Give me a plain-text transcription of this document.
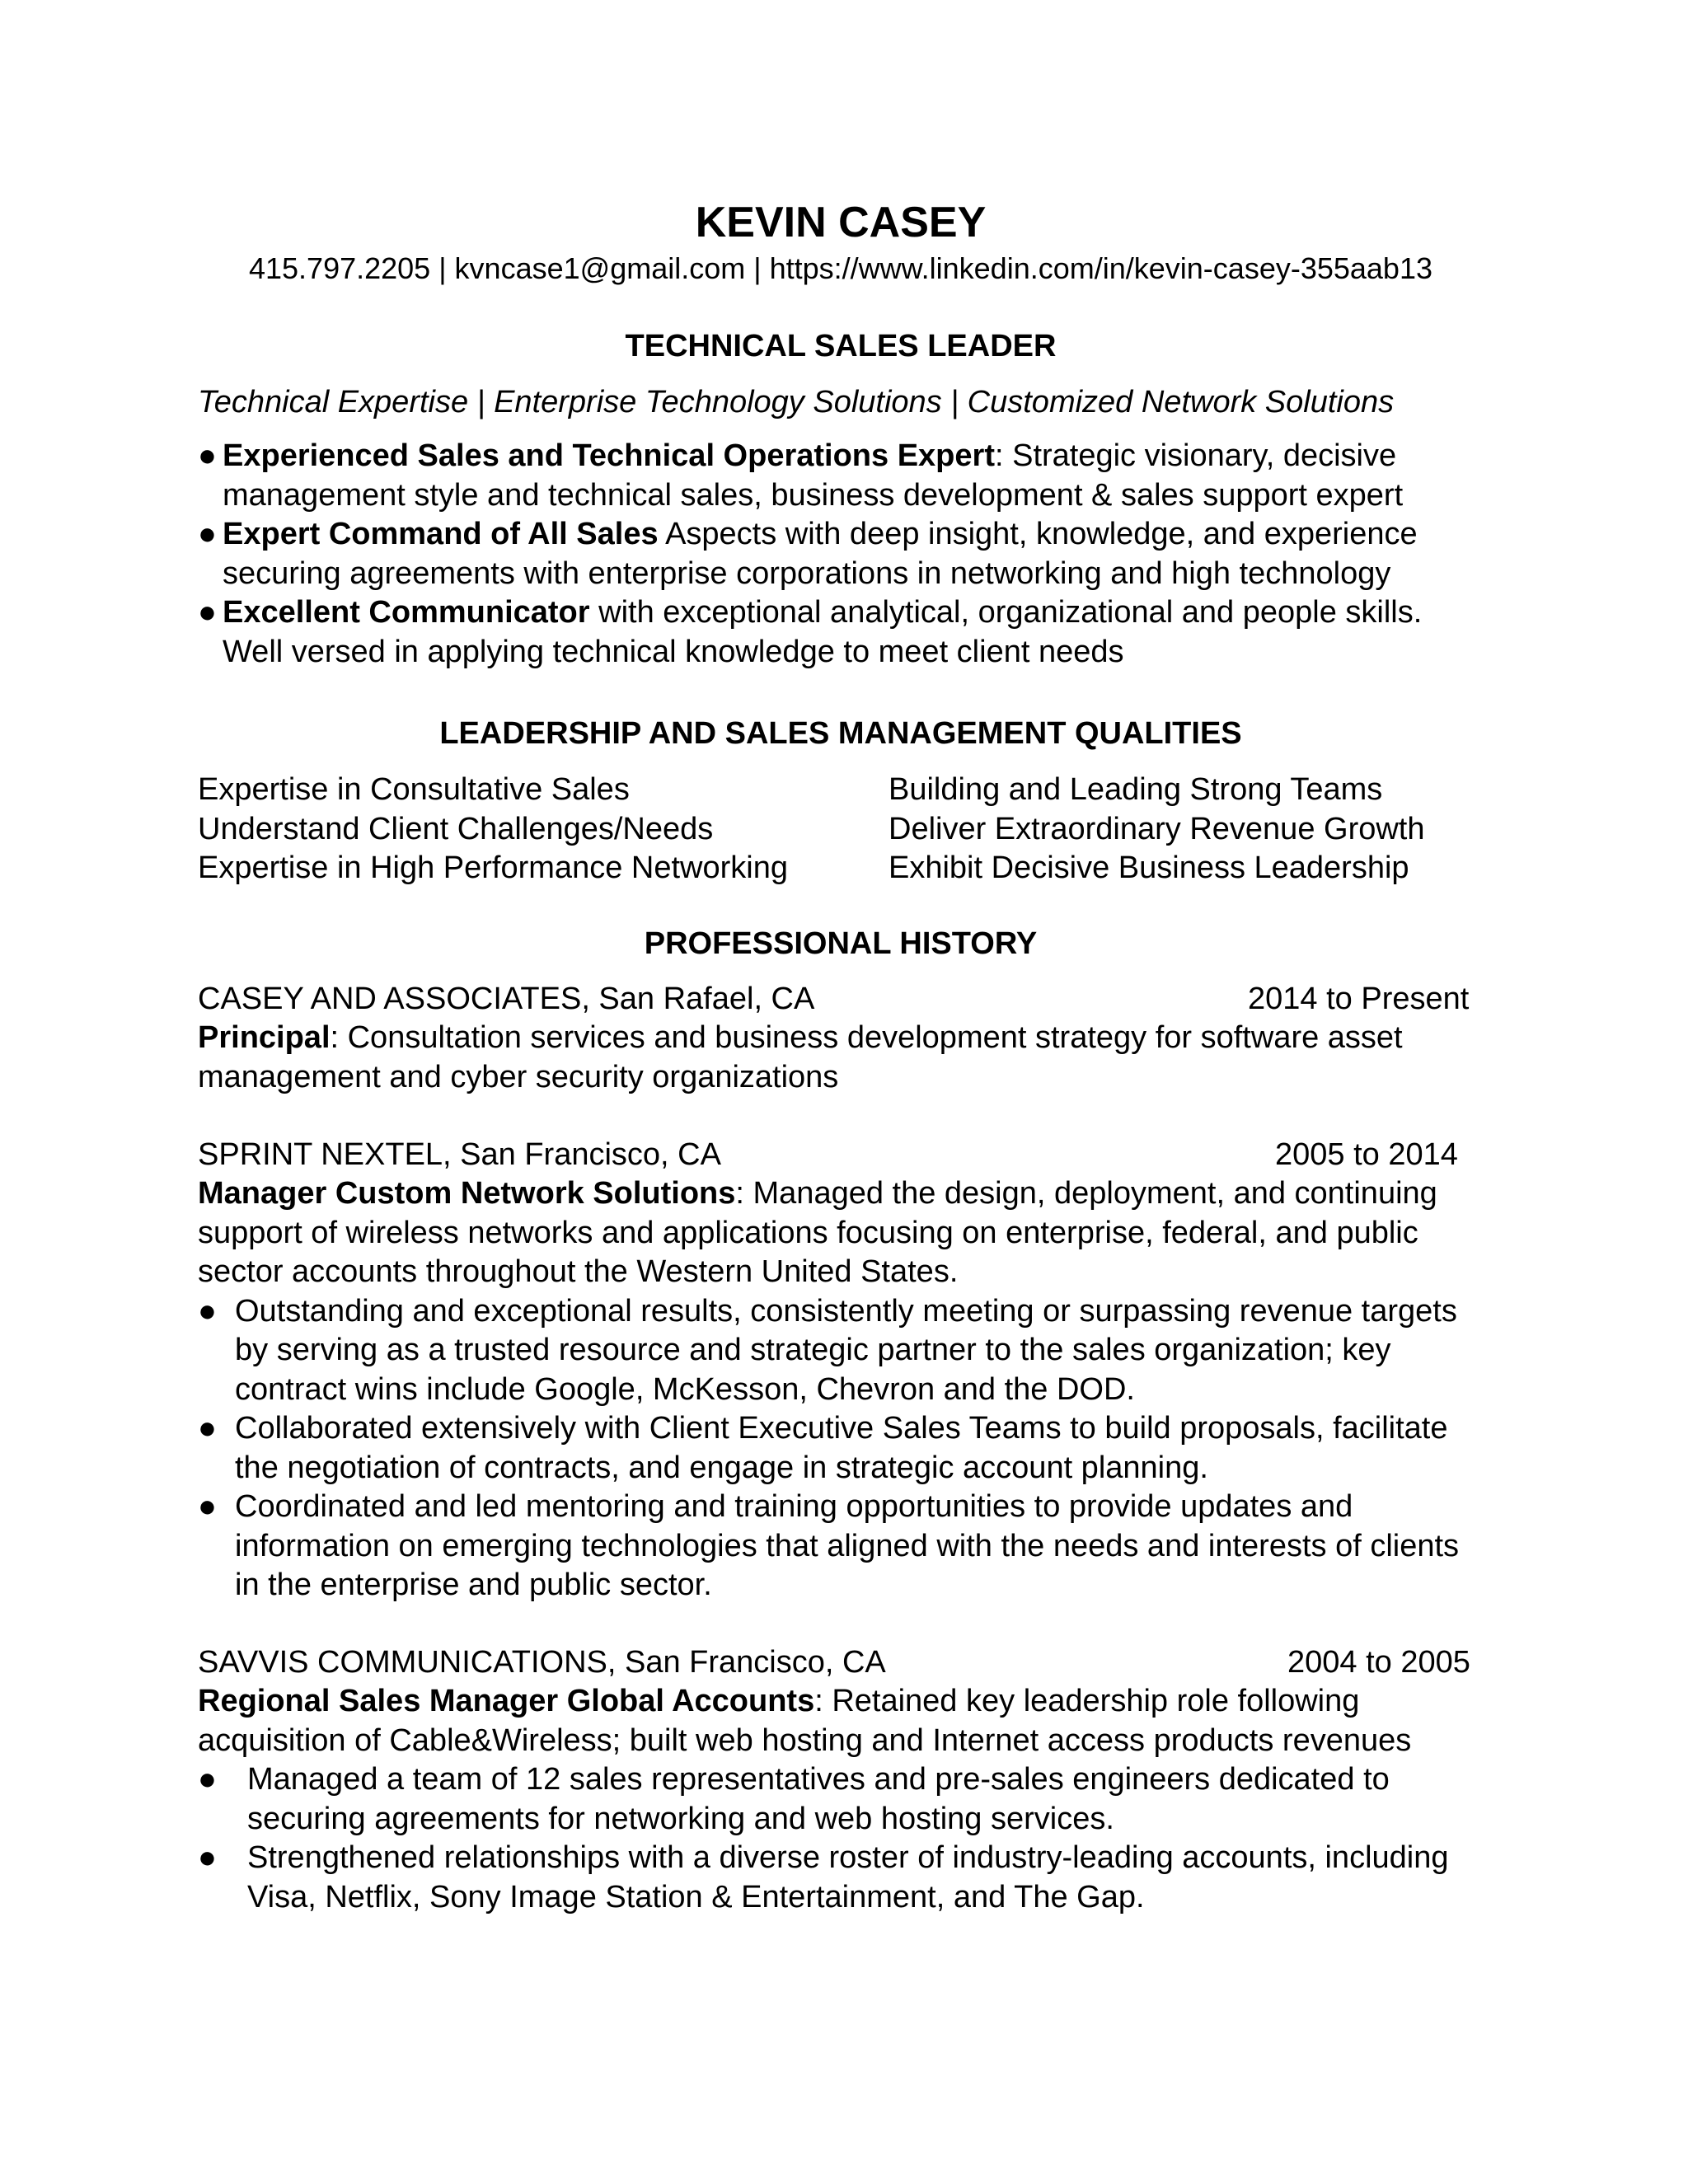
KEVIN CASEY
415.797.2205 | kvncase1@gmail.com | https://www.linkedin.com/in/kevin-casey-355aab13
TECHNICAL SALES LEADER
Technical Expertise | Enterprise Technology Solutions | Customized Network Solutions
● Experienced Sales and Technical Operations Expert: Strategic visionary, decisive management style and technical sales, business development & sales support expert
● Expert Command of All Sales Aspects with deep insight, knowledge, and experience securing agreements with enterprise corporations in networking and high technology
● Excellent Communicator with exceptional analytical, organizational and people skills. Well versed in applying technical knowledge to meet client needs
LEADERSHIP AND SALES MANAGEMENT QUALITIES
Expertise in Consultative Sales	Building and Leading Strong Teams
Understand Client Challenges/Needs	Deliver Extraordinary Revenue Growth
Expertise in High Performance Networking	Exhibit Decisive Business Leadership
PROFESSIONAL HISTORY
CASEY AND ASSOCIATES, San Rafael, CA	2014 to Present

Principal: Consultation services and business development strategy for software asset management and cyber security organizations

SPRINT NEXTEL, San Francisco, CA	2005 to 2014

Manager Custom Network Solutions: Managed the design, deployment, and continuing support of wireless networks and applications focusing on enterprise, federal, and public sector accounts throughout the Western United States.

● Outstanding and exceptional results, consistently meeting or surpassing revenue targets by serving as a trusted resource and strategic partner to the sales organization; key contract wins include Google, McKesson, Chevron and the DOD.
● Collaborated extensively with Client Executive Sales Teams to build proposals, facilitate the negotiation of contracts, and engage in strategic account planning.
● Coordinated and led mentoring and training opportunities to provide updates and information on emerging technologies that aligned with the needs and interests of clients in the enterprise and public sector.
SAVVIS COMMUNICATIONS, San Francisco, CA	2004 to 2005

Regional Sales Manager Global Accounts: Retained key leadership role following acquisition of Cable&Wireless; built web hosting and Internet access products revenues

● Managed a team of 12 sales representatives and pre-sales engineers dedicated to securing agreements for networking and web hosting services.
● Strengthened relationships with a diverse roster of industry-leading accounts, including Visa, Netflix, Sony Image Station & Entertainment, and The Gap.
